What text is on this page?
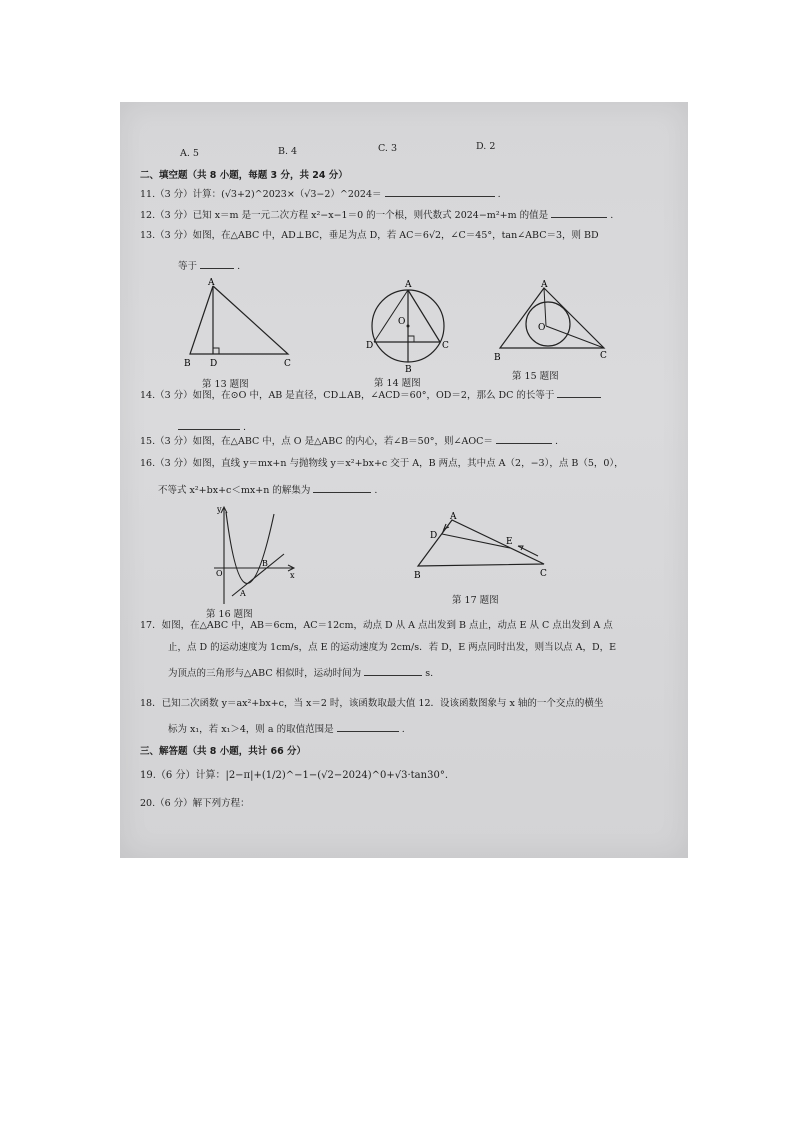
A. 5	B. 4	C. 3	D. 2
二、填空题（共 8 小题，每题 3 分，共 24 分）
11.（3 分）计算：(√3+2)^2023×（√3−2）^2024＝	.
12.（3 分）已知 x＝m 是一元二次方程 x²−x−1＝0 的一个根，则代数式 2024−m²+m 的值是	.
13.（3 分）如图，在△ABC 中，AD⊥BC，垂足为点 D，若 AC＝6√2，∠C＝45°，tan∠ABC＝3，则 BD
等于	.
A
B D	C
第 13 题图
A
O
D	C
B
第 14 题图
A
O
B	C
第 15 题图
14.（3 分）如图，在⊙O 中，AB 是直径，CD⊥AB，∠ACD＝60°，OD＝2，那么 DC 的长等于
.
15.（3 分）如图，在△ABC 中，点 O 是△ABC 的内心，若∠B＝50°，则∠AOC＝	.
16.（3 分）如图，直线 y＝mx+n 与抛物线 y＝x²+bx+c 交于 A，B 两点，其中点 A（2，−3），点 B（5，0），
不等式 x²+bx+c＜mx+n 的解集为	.
y
O
B
x
A
第 16 题图
A
D
E
B	C
第 17 题图
17．如图，在△ABC 中，AB＝6cm，AC＝12cm，动点 D 从 A 点出发到 B 点止，动点 E 从 C 点出发到 A 点
止，点 D 的运动速度为 1cm/s，点 E 的运动速度为 2cm/s．若 D，E 两点同时出发，则当以点 A，D，E
为顶点的三角形与△ABC 相似时，运动时间为	s.
18．已知二次函数 y＝ax²+bx+c，当 x＝2 时，该函数取最大值 12．设该函数图象与 x 轴的一个交点的横坐
标为 x₁，若 x₁＞4，则 a 的取值范围是	.
三、解答题（共 8 小题，共计 66 分）
19.（6 分）计算：|2−π|+(1/2)^−1−(√2−2024)^0+√3·tan30°.
20.（6 分）解下列方程：
